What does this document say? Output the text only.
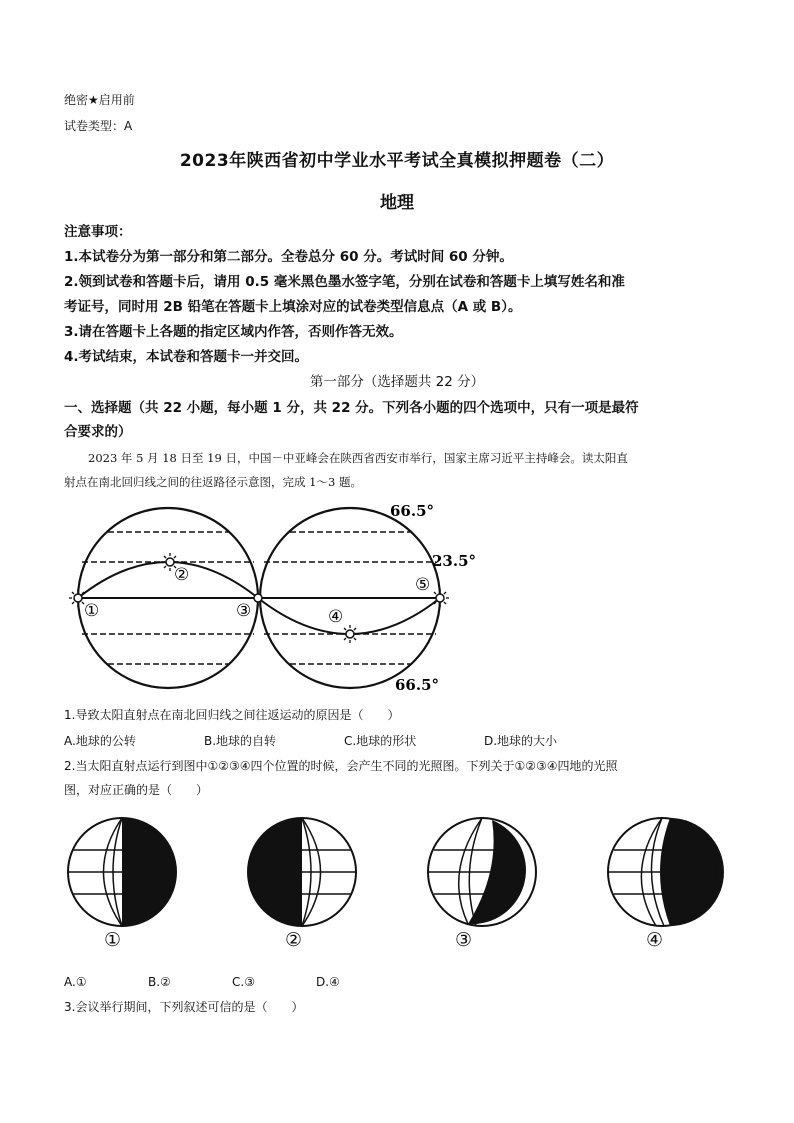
绝密★启用前
试卷类型：A
2023年陕西省初中学业水平考试全真模拟押题卷（二）
地理
注意事项：
1.本试卷分为第一部分和第二部分。全卷总分 60 分。考试时间 60 分钟。
2.领到试卷和答题卡后，请用 0.5 毫米黑色墨水签字笔，分别在试卷和答题卡上填写姓名和准
考证号，同时用 2B 铅笔在答题卡上填涂对应的试卷类型信息点（A 或 B）。
3.请在答题卡上各题的指定区域内作答，否则作答无效。
4.考试结束，本试卷和答题卡一并交回。
第一部分（选择题共 22 分）
一、选择题（共 22 小题，每小题 1 分，共 22 分。下列各小题的四个选项中，只有一项是最符
合要求的）
2023 年 5 月 18 日至 19 日，中国－中亚峰会在陕西省西安市举行，国家主席习近平主持峰会。读太阳直
射点在南北回归线之间的往返路径示意图，完成 1～3 题。
①
②
③	④
⑤
66.5°
23.5°
66.5°
1.导致太阳直射点在南北回归线之间往返运动的原因是（　　）
A.地球的公转	B.地球的自转	C.地球的形状	D.地球的大小
2.当太阳直射点运行到图中①②③④四个位置的时候，会产生不同的光照图。下列关于①②③④四地的光照
图，对应正确的是（　　）
①	②	③	④
A.①	B.②	C.③	D.④
3.会议举行期间，下列叙述可信的是（　　）
